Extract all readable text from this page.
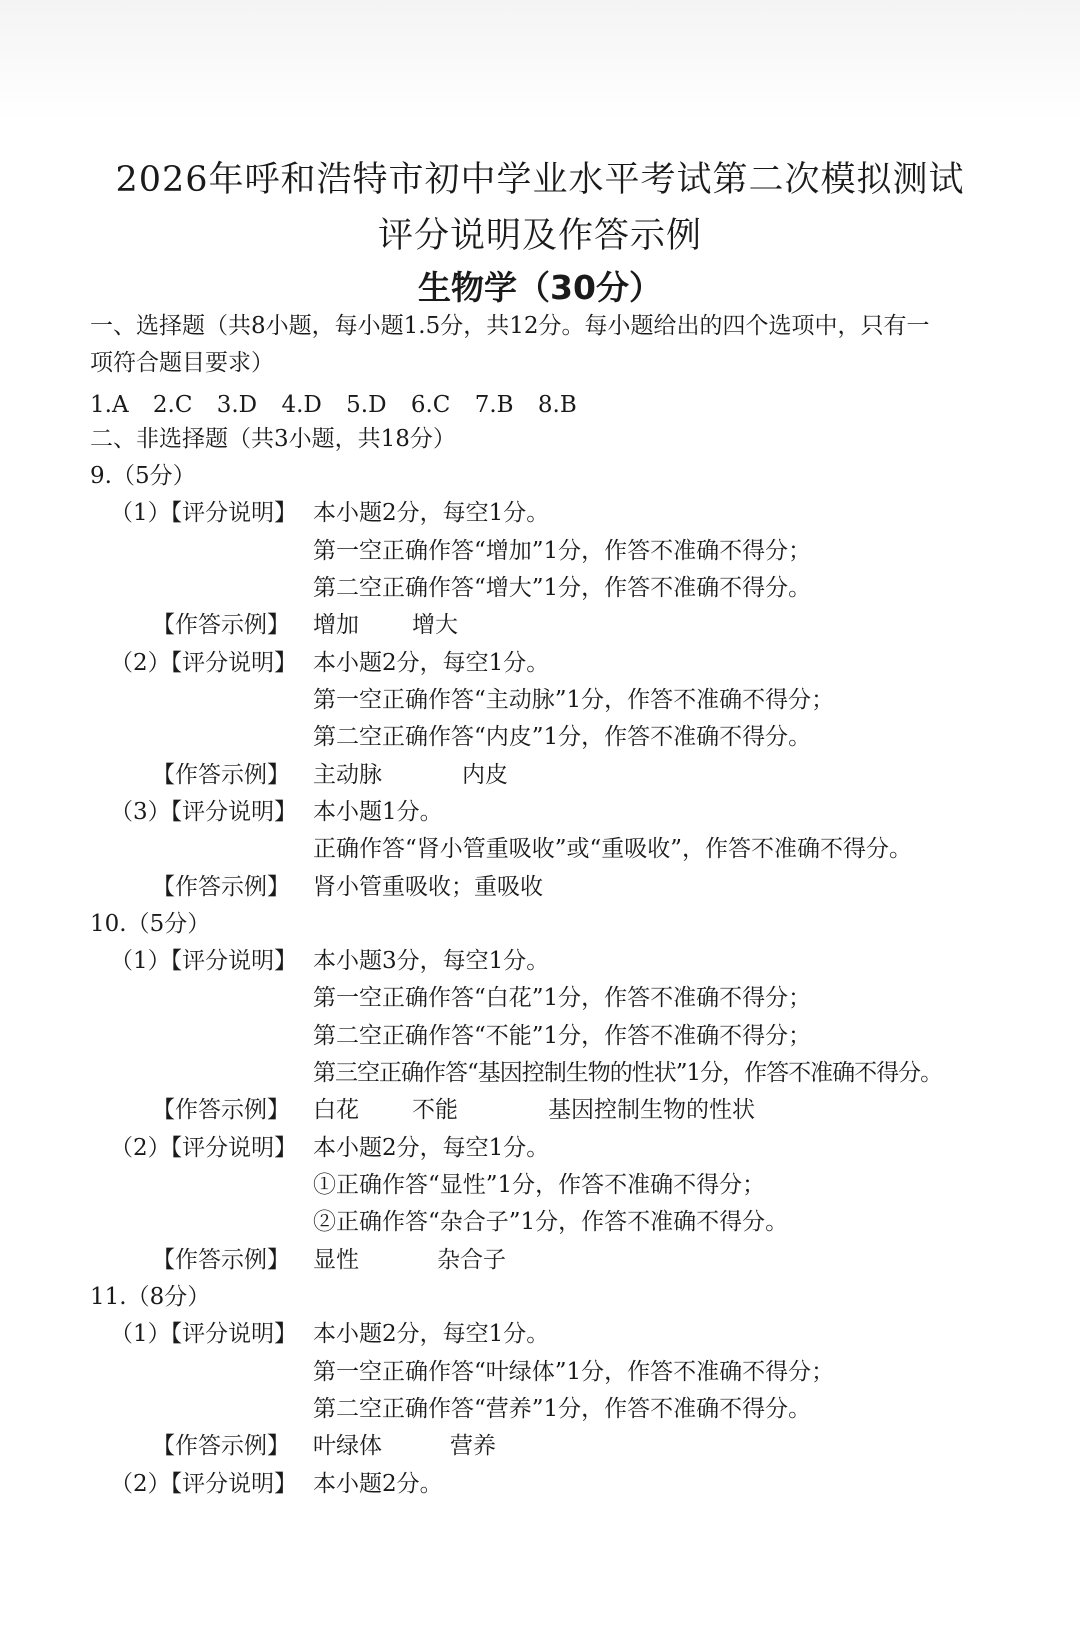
2026年呼和浩特市初中学业水平考试第二次模拟测试
评分说明及作答示例
生物学（30分）
一、选择题（共8小题，每小题1.5分，共12分。每小题给出的四个选项中，只有一
项符合题目要求）
1.A 2.C 3.D 4.D 5.D 6.C 7.B 8.B
二、非选择题（共3小题，共18分）
9.（5分）
（1）【评分说明】 本小题2分，每空1分。
第一空正确作答“增加”1分，作答不准确不得分；
第二空正确作答“增大”1分，作答不准确不得分。
【作答示例】 增加 增大
（2）【评分说明】 本小题2分，每空1分。
第一空正确作答“主动脉”1分，作答不准确不得分；
第二空正确作答“内皮”1分，作答不准确不得分。
【作答示例】 主动脉	内皮
（3）【评分说明】 本小题1分。
正确作答“肾小管重吸收”或“重吸收”，作答不准确不得分。
【作答示例】 肾小管重吸收；重吸收
10.（5分）
（1）【评分说明】 本小题3分，每空1分。
第一空正确作答“白花”1分，作答不准确不得分；
第二空正确作答“不能”1分，作答不准确不得分；
第三空正确作答“基因控制生物的性状”1分，作答不准确不得分。
【作答示例】 白花 不能	基因控制生物的性状
（2）【评分说明】 本小题2分，每空1分。
①正确作答“显性”1分，作答不准确不得分；
②正确作答“杂合子”1分，作答不准确不得分。
【作答示例】 显性	杂合子
11.（8分）
（1）【评分说明】 本小题2分，每空1分。
第一空正确作答“叶绿体”1分，作答不准确不得分；
第二空正确作答“营养”1分，作答不准确不得分。
【作答示例】 叶绿体	营养
（2）【评分说明】 本小题2分。
